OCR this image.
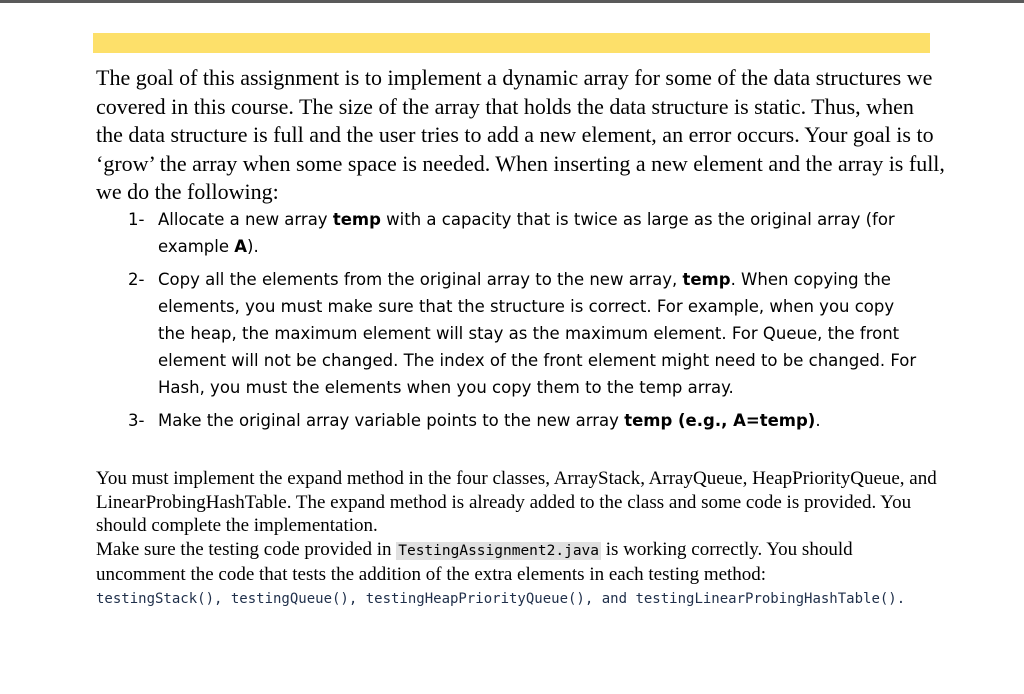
The goal of this assignment is to implement a dynamic array for some of the data structures we covered in this course. The size of the array that holds the data structure is static. Thus, when the data structure is full and the user tries to add a new element, an error occurs. Your goal is to ‘grow’ the array when some space is needed. When inserting a new element and the array is full, we do the following:

1- Allocate a new array temp with a capacity that is twice as large as the original array (for example A).
2- Copy all the elements from the original array to the new array, temp. When copying the elements, you must make sure that the structure is correct. For example, when you copy the heap, the maximum element will stay as the maximum element. For Queue, the front element will not be changed. The index of the front element might need to be changed. For Hash, you must the elements when you copy them to the temp array.
3- Make the original array variable points to the new array temp (e.g., A=temp).
You must implement the expand method in the four classes, ArrayStack, ArrayQueue, HeapPriorityQueue, and LinearProbingHashTable. The expand method is already added to the class and some code is provided. You should complete the implementation.
Make sure the testing code provided in TestingAssignment2.java is working correctly. You should uncomment the code that tests the addition of the extra elements in each testing method:

testingStack(), testingQueue(), testingHeapPriorityQueue(), and testingLinearProbingHashTable().
